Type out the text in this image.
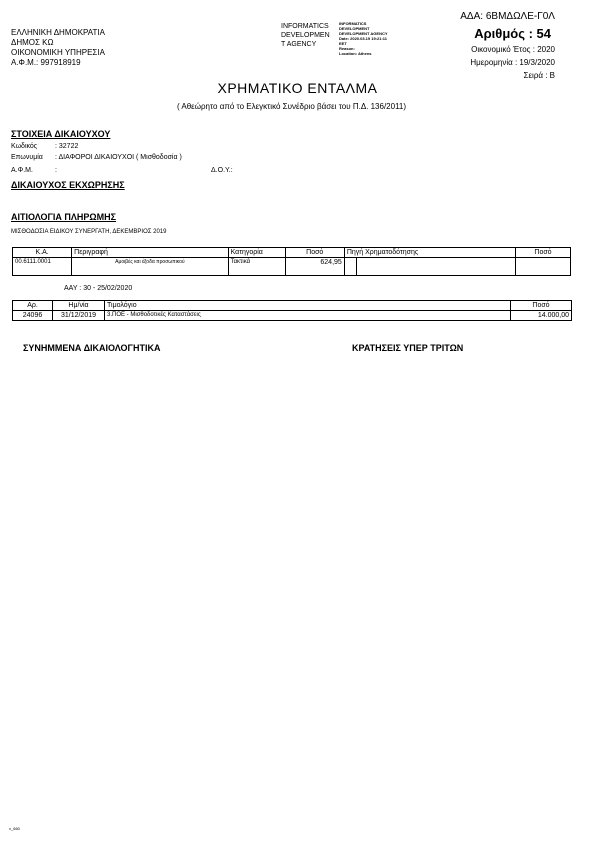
ΕΛΛΗΝΙΚΗ ΔΗΜΟΚΡΑΤΙΑ
ΔΗΜΟΣ ΚΩ
ΟΙΚΟΝΟΜΙΚΗ ΥΠΗΡΕΣΙΑ
Α.Φ.Μ.: 997918919
INFORMATICS
DEVELOPMEN
T AGENCY
INFORMATICS
DEVELOPMENT
DEVELOPMENT AGENCY
Date: 2020.03.19 19:21:11
EET
Reason:
Location: Athens
ΑΔΑ: 6ΒΜΔΩΛΕ-Γ0Λ
Αριθμός : 54
Οικονομικό Έτος : 2020
Ημερομηνία : 19/3/2020
Σειρά : Β
ΧΡΗΜΑΤΙΚΟ ΕΝΤΑΛΜΑ
( Αθεώρητο από το Ελεγκτικό Συνέδριο βάσει του Π.Δ. 136/2011)
ΣΤΟΙΧΕΙΑ ΔΙΚΑΙΟΥΧΟΥ
Κωδικός	: 32722
Επωνυμία : ΔΙΑΦΟΡΟΙ ΔΙΚΑΙΟΥΧΟΙ ( Μισθοδοσία )
Α.Φ.Μ.	:	Δ.Ο.Υ.:
ΔΙΚΑΙΟΥΧΟΣ ΕΚΧΩΡΗΣΗΣ
ΑΙΤΙΟΛΟΓΙΑ ΠΛΗΡΩΜΗΣ
ΜΙΣΘΟΔΟΣΙΑ ΕΙΔΙΚΟΥ ΣΥΝΕΡΓΑΤΗ, ΔΕΚΕΜΒΡΙΟΣ 2019
Κ.Α.	Περιγραφή	Κατηγορία	Ποσό	Πηγή Χρηματοδότησης		Ποσό
00.6111.0001	Αμοιβές και έξοδα προσωπικού	Τακτικά	624,95			
ΑΑΥ : 30 - 25/02/2020
Αρ.	Ημ/νία	Τιμολόγιο	Ποσό
24096	31/12/2019	3.ΠΟΕ - Μισθοδοτικές Καταστάσεις	14.000,00
ΣΥΝΗΜΜΕΝΑ ΔΙΚΑΙΟΛΟΓΗΤΙΚΑ	ΚΡΑΤΗΣΕΙΣ ΥΠΕΡ ΤΡΙΤΩΝ
v_660
